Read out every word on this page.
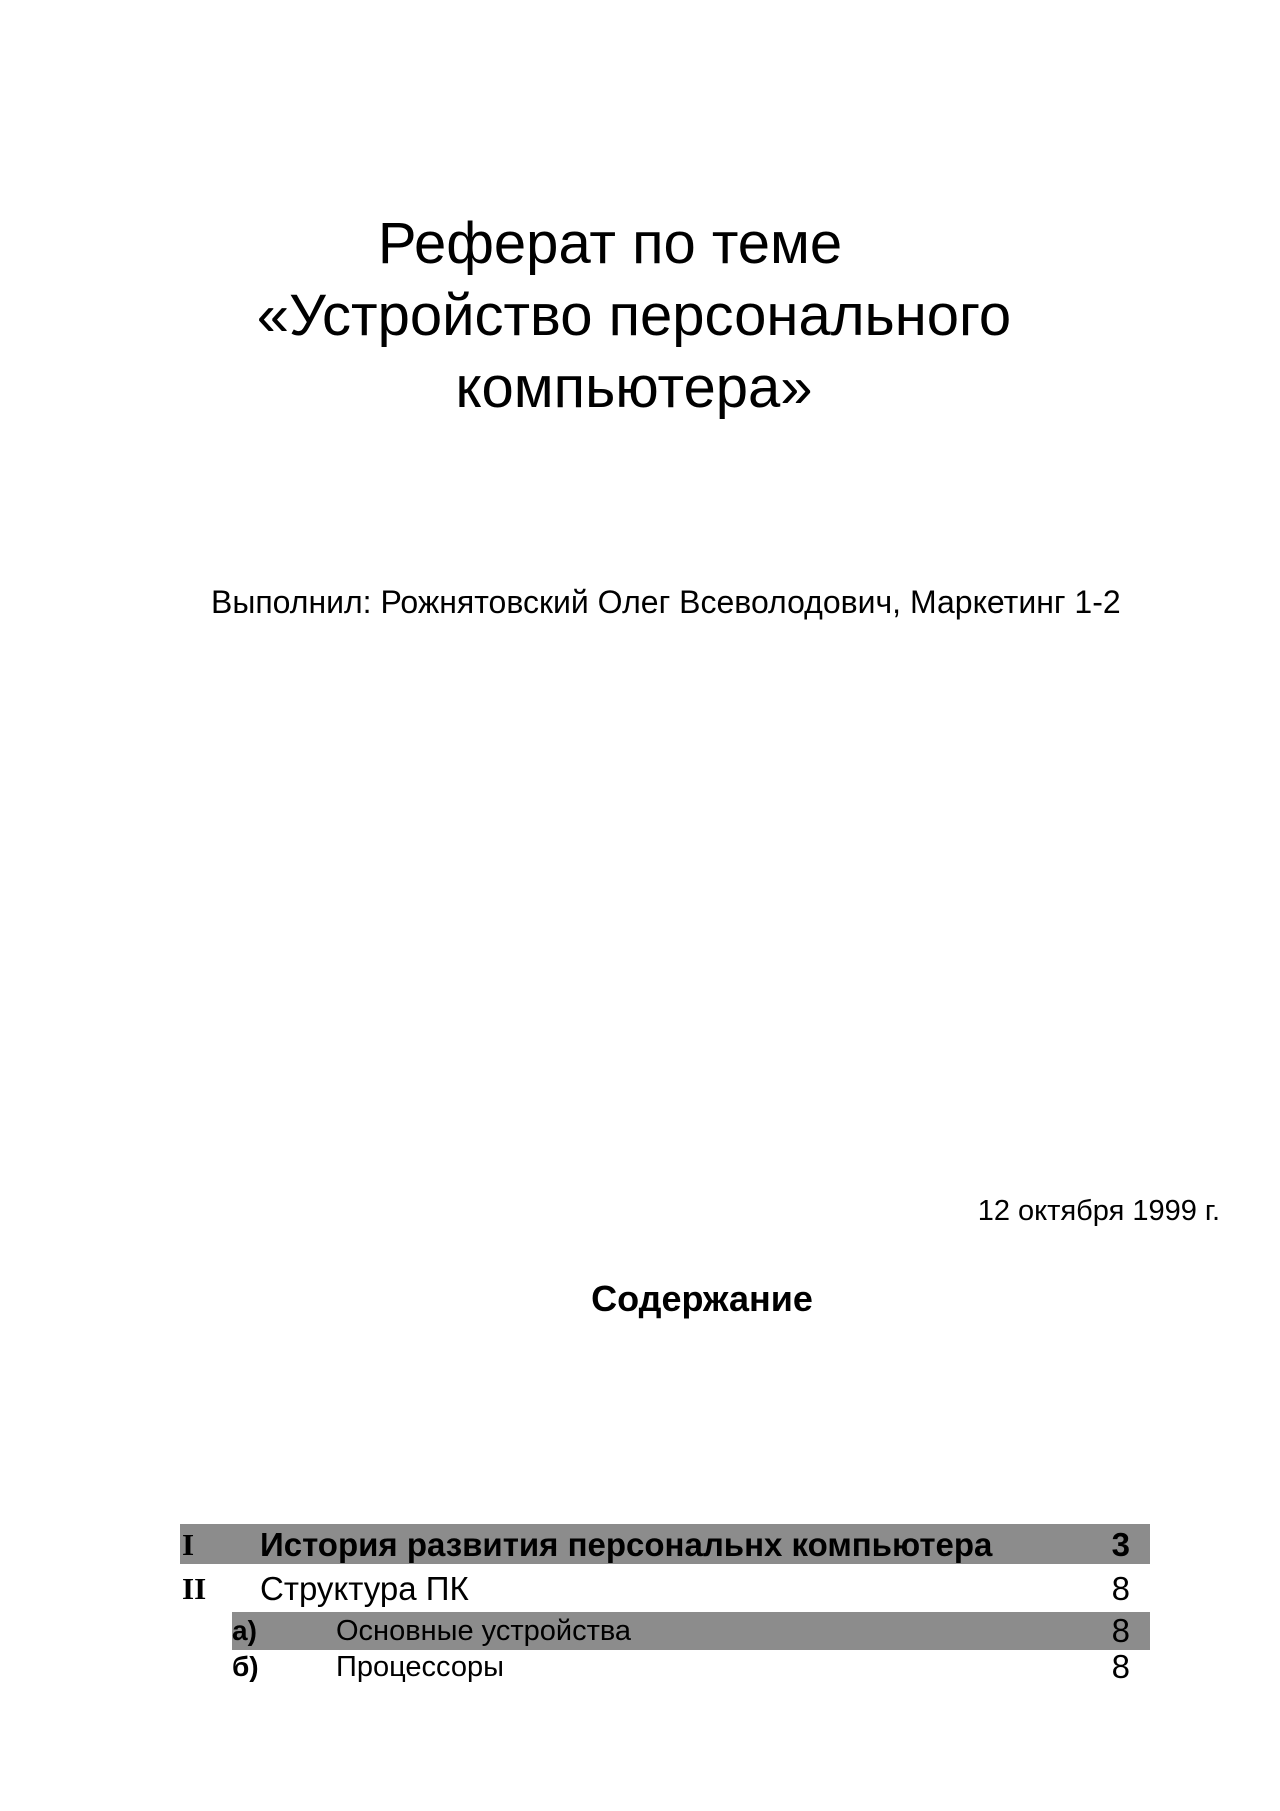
Реферат по теме
«Устройство персонального
компьютера»
Выполнил: Рожнятовский Олег Всеволодович, Маркетинг 1-2
12 октября 1999 г.
Содержание
I История развития персональнх компьютера	3
II Структура ПК	8
а)	Основные устройства	8
б)	Процессоры	8
